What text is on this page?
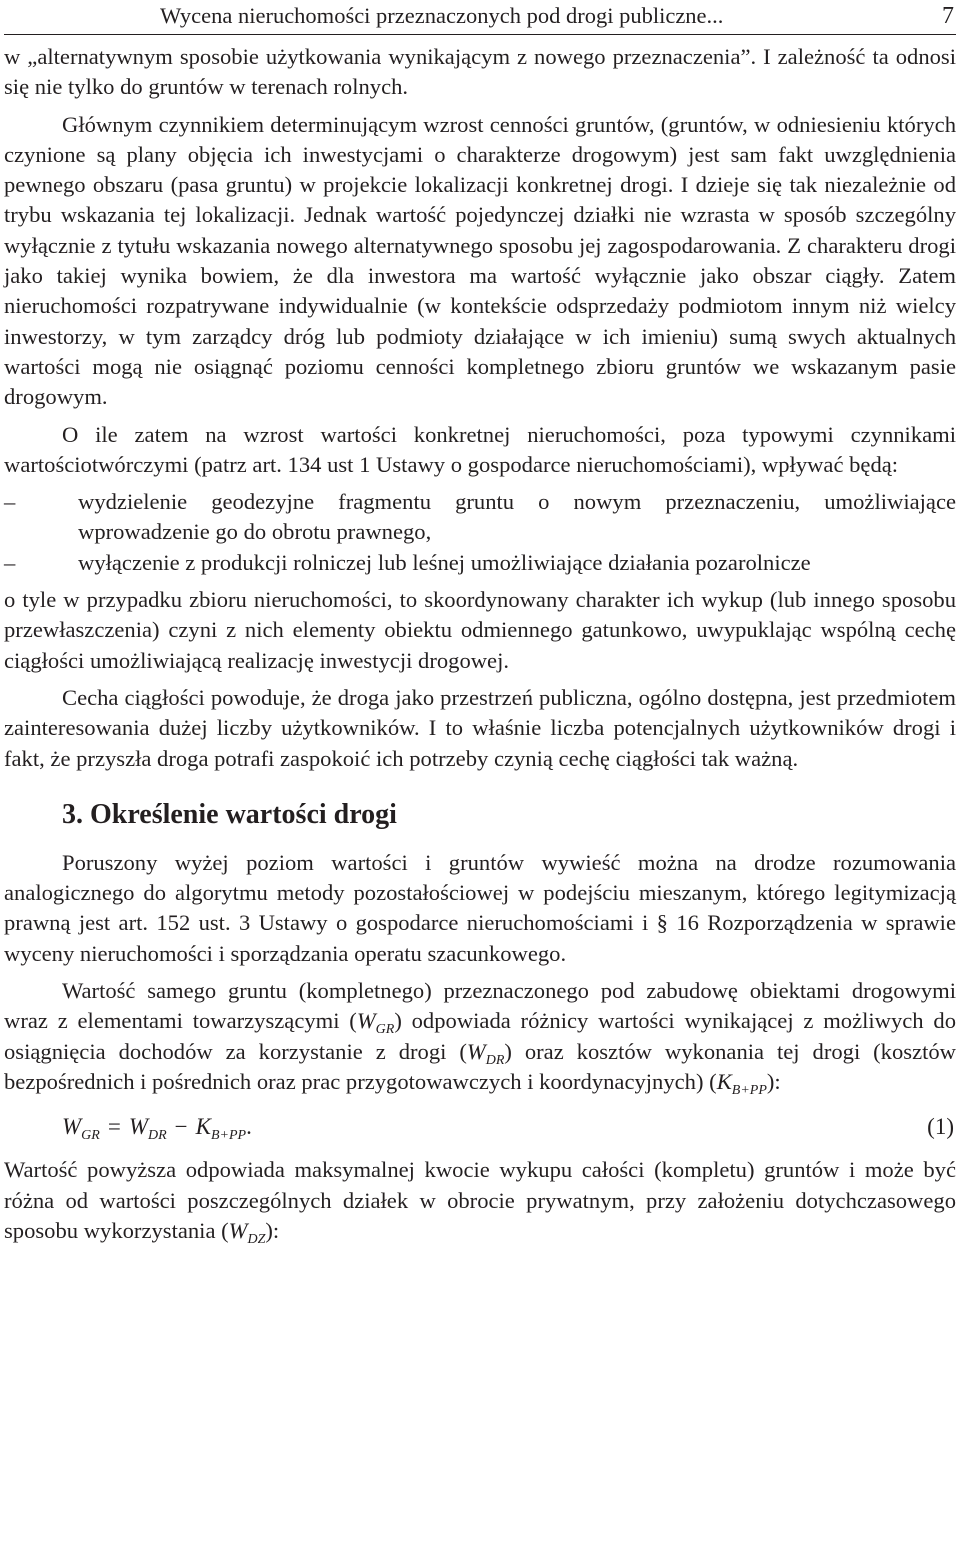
Wycena nieruchomości przeznaczonych pod drogi publiczne...	7

w „alternatywnym sposobie użytkowania wynikającym z nowego przeznaczenia”. I zależność ta odnosi się nie tylko do gruntów w terenach rolnych.

Głównym czynnikiem determinującym wzrost cenności gruntów, (gruntów, w odniesieniu których czynione są plany objęcia ich inwestycjami o charakterze drogowym) jest sam fakt uwzględnienia pewnego obszaru (pasa gruntu) w projekcie lokalizacji konkretnej drogi. I dzieje się tak niezależnie od trybu wskazania tej lokalizacji. Jednak wartość pojedynczej działki nie wzrasta w sposób szczególny wyłącznie z tytułu wskazania nowego alternatywnego sposobu jej zagospodarowania. Z charakteru drogi jako takiej wynika bowiem, że dla inwestora ma wartość wyłącznie jako obszar ciągły. Zatem nieruchomości rozpatrywane indywidualnie (w kontekście odsprzedaży podmiotom innym niż wielcy inwestorzy, w tym zarządcy dróg lub podmioty działające w ich imieniu) sumą swych aktualnych wartości mogą nie osiągnąć poziomu cenności kompletnego zbioru gruntów we wskazanym pasie drogowym.

O ile zatem na wzrost wartości konkretnej nieruchomości, poza typowymi czynnikami wartościotwórczymi (patrz art. 134 ust 1 Ustawy o gospodarce nieruchomościami), wpływać będą:

–	wydzielenie geodezyjne fragmentu gruntu o nowym przeznaczeniu, umożliwiające wprowadzenie go do obrotu prawnego,
–	wyłączenie z produkcji rolniczej lub leśnej umożliwiające działania pozarolnicze

o tyle w przypadku zbioru nieruchomości, to skoordynowany charakter ich wykup (lub innego sposobu przewłaszczenia) czyni z nich elementy obiektu odmiennego gatunkowo, uwypuklając wspólną cechę ciągłości umożliwiającą realizację inwestycji drogowej.

Cecha ciągłości powoduje, że droga jako przestrzeń publiczna, ogólno dostępna, jest przedmiotem zainteresowania dużej liczby użytkowników. I to właśnie liczba potencjalnych użytkowników drogi i fakt, że przyszła droga potrafi zaspokoić ich potrzeby czynią cechę ciągłości tak ważną.

3. Określenie wartości drogi

Poruszony wyżej poziom wartości i gruntów wywieść można na drodze rozumowania analogicznego do algorytmu metody pozostałościowej w podejściu mieszanym, którego legitymizacją prawną jest art. 152 ust. 3 Ustawy o gospodarce nieruchomościami i § 16 Rozporządzenia w sprawie wyceny nieruchomości i sporządzania operatu szacunkowego.

Wartość samego gruntu (kompletnego) przeznaczonego pod zabudowę obiektami drogowymi wraz z elementami towarzyszącymi $(W_{GR})$ odpowiada różnicy wartości wynikającej z możliwych do osiągnięcia dochodów za korzystanie z drogi $(W_{DR})$ oraz kosztów wykonania tej drogi (kosztów bezpośrednich i pośrednich oraz prac przygotowawczych i koordynacyjnych) $(K_{B+PP})$:

$W_{GR} = W_{DR} - K_{B+PP}$.	(1)

Wartość powyższa odpowiada maksymalnej kwocie wykupu całości (kompletu) gruntów i może być różna od wartości poszczególnych działek w obrocie prywatnym, przy założeniu dotychczasowego sposobu wykorzystania $(W_{DZ})$:
